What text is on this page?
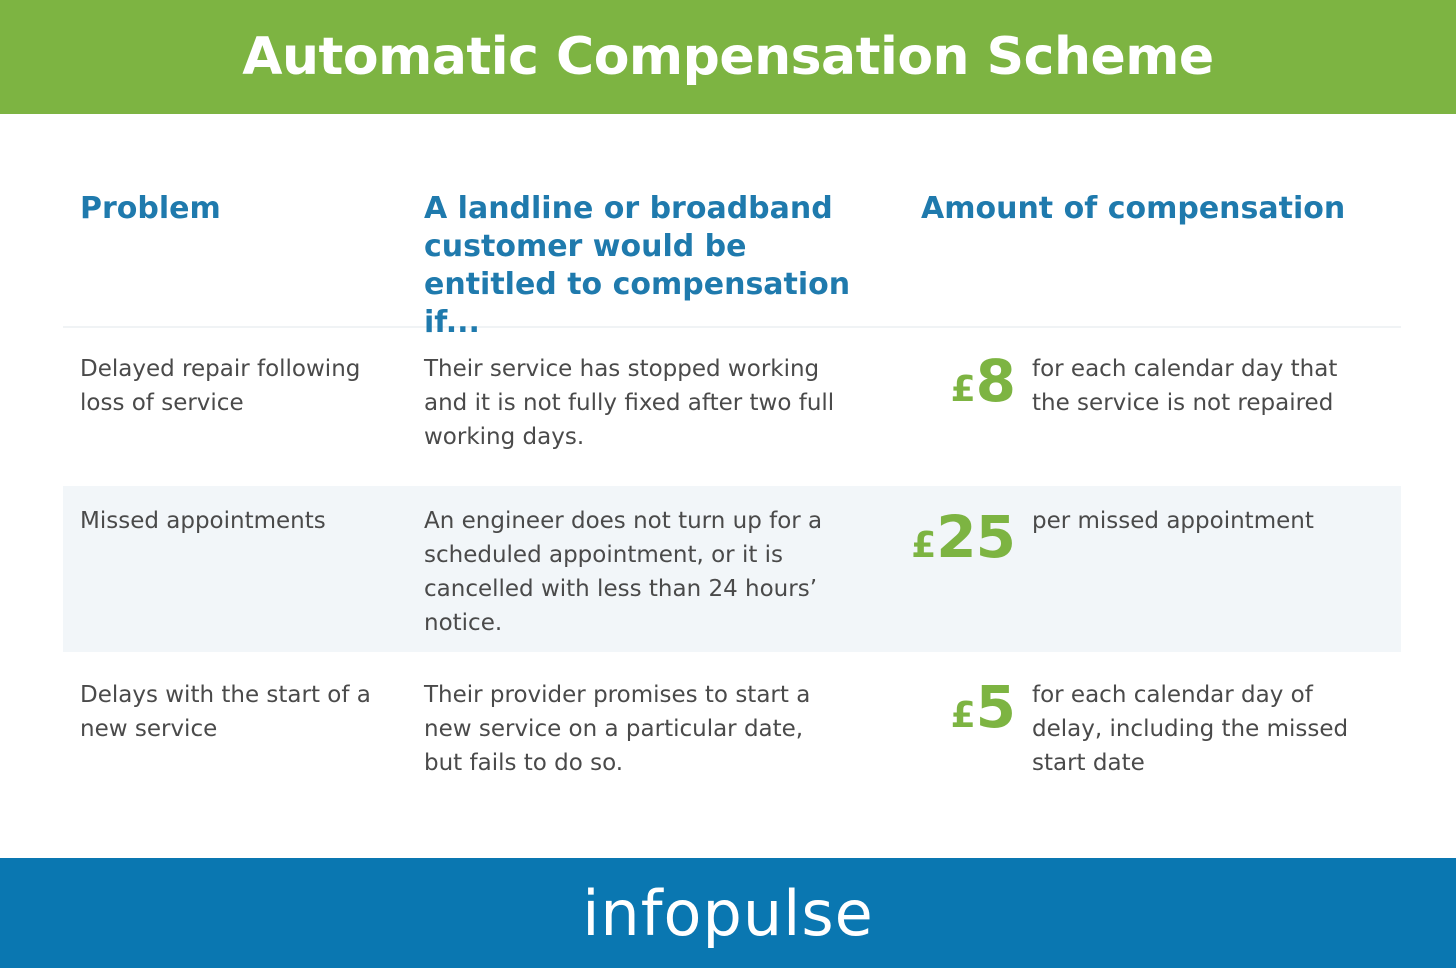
Automatic Compensation Scheme
Problem	A landline or broadband customer would be entitled to compensation if...
Amount of compensation
Delayed repair following loss of service
Their service has stopped working and it is not fully fixed after two full working days.
£ 8 for each calendar day that the service is not repaired
Missed appointments	An engineer does not turn up for a scheduled appointment, or it is cancelled with less than 24 hours’ notice.
£ 25 per missed appointment
Delays with the start of a new service
Their provider promises to start a new service on a particular date, but fails to do so.
£ 5 for each calendar day of delay, including the missed start date
infopulse
